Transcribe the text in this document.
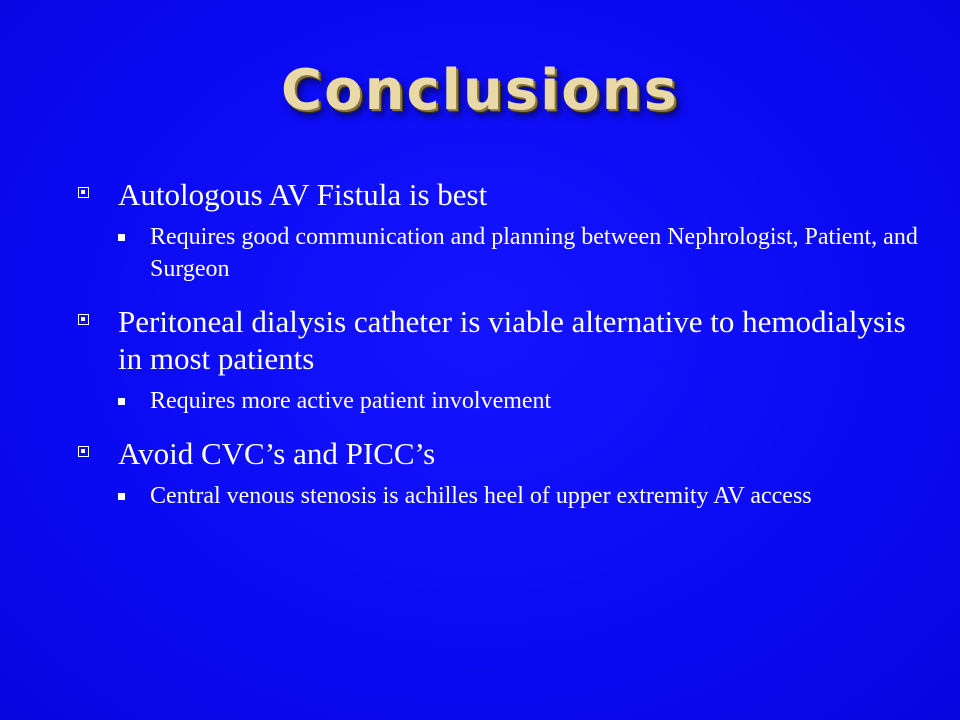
Conclusions
Autologous AV Fistula is best
Requires good communication and planning between Nephrologist, Patient, and Surgeon
Peritoneal dialysis catheter is viable alternative to hemodialysis in most patients
Requires more active patient involvement
Avoid CVC’s and PICC’s
Central venous stenosis is achilles heel of upper extremity AV access
